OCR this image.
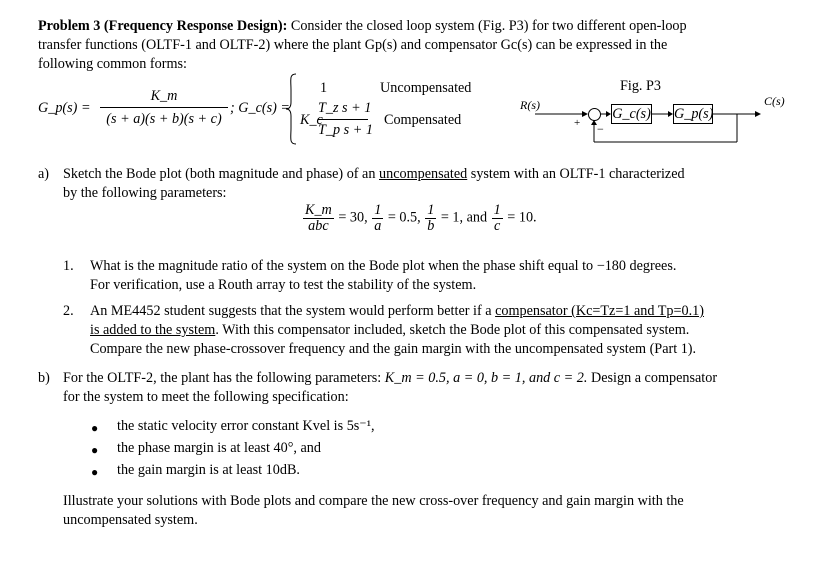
Problem 3 (Frequency Response Design): Consider the closed loop system (Fig. P3) for two different open-loop
transfer functions (OLTF-1 and OLTF-2) where the plant Gp(s) and compensator Gc(s) can be expressed in the
following common forms:
G_p(s) =
K_m
(s + a)(s + b)(s + c)
; G_c(s) =
1	Uncompensated
K_c
T_z s + 1
T_p s + 1
Compensated
Fig. P3
R(s)	C(s)
+ −
G_c(s) G_p(s)
a) Sketch the Bode plot (both magnitude and phase) of an uncompensated system with an OLTF-1 characterized
by the following parameters:
$\frac{K\_m}{\text{abc}} = 30$, $\frac{1}{a} = 0.5$, $\frac{1}{b} = 1$, and $\frac{1}{c} = 10$.
1. What is the magnitude ratio of the system on the Bode plot when the phase shift equal to −180 degrees.
For verification, use a Routh array to test the stability of the system.
2. An ME4452 student suggests that the system would perform better if a compensator (Kc=Tz=1 and Tp=0.1)
is added to the system. With this compensator included, sketch the Bode plot of this compensated system.
Compare the new phase-crossover frequency and the gain margin with the uncompensated system (Part 1).
b) For the OLTF-2, the plant has the following parameters: K_m = 0.5, a = 0, b = 1, and c = 2. Design a compensator
for the system to meet the following specification:
● the static velocity error constant Kvel is 5s⁻¹,
● the phase margin is at least 40°, and
● the gain margin is at least 10dB.
Illustrate your solutions with Bode plots and compare the new cross-over frequency and gain margin with the
uncompensated system.
